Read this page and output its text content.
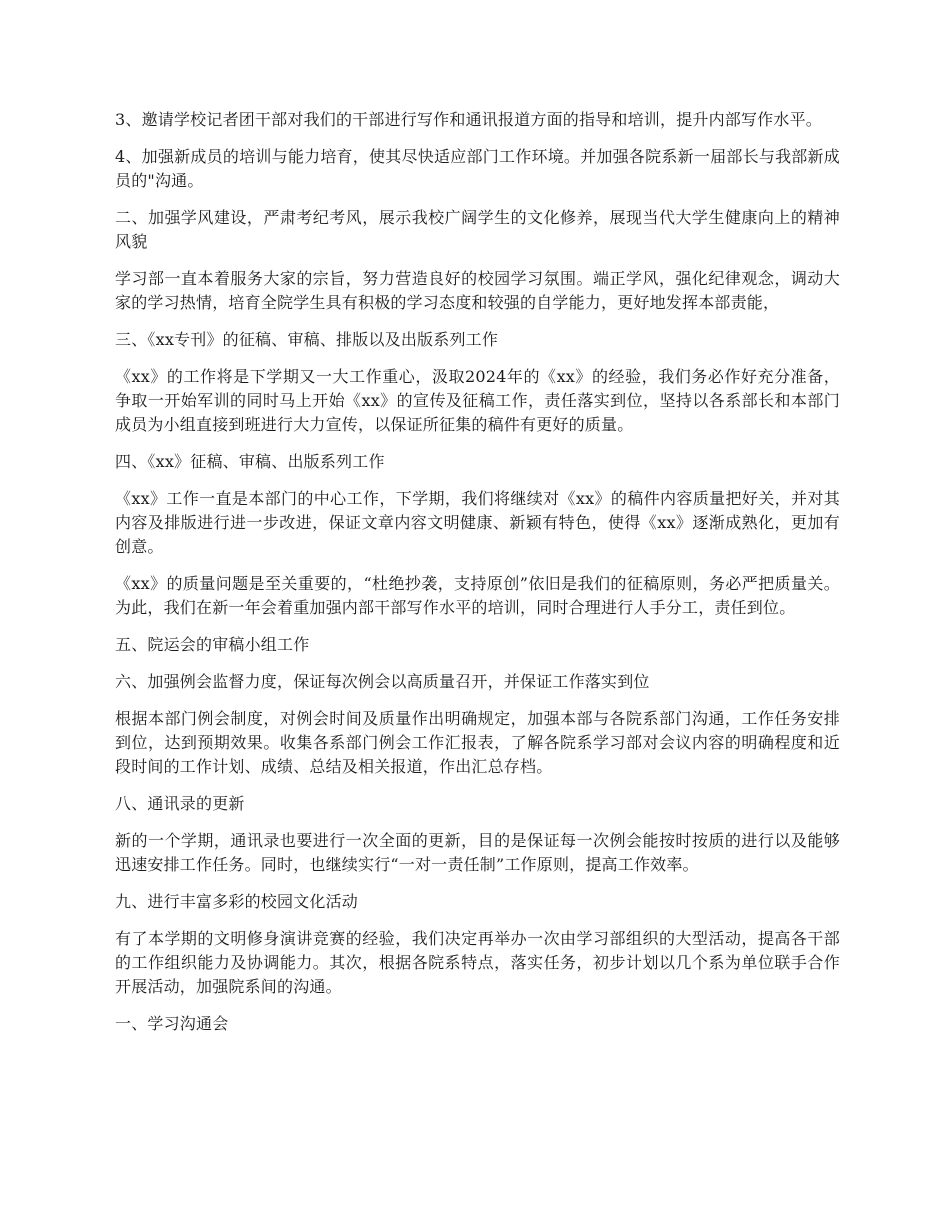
3、邀请学校记者团干部对我们的干部进行写作和通讯报道方面的指导和培训，提升内部写作水平。

4、加强新成员的培训与能力培育，使其尽快适应部门工作环境。并加强各院系新一届部长与我部新成员的"沟通。

二、加强学风建设，严肃考纪考风，展示我校广阔学生的文化修养，展现当代大学生健康向上的精神风貌

学习部一直本着服务大家的宗旨，努力营造良好的校园学习氛围。端正学风，强化纪律观念，调动大家的学习热情，培育全院学生具有积极的学习态度和较强的自学能力，更好地发挥本部责能，

三、《xx专刊》的征稿、审稿、排版以及出版系列工作

《xx》的工作将是下学期又一大工作重心，汲取2024年的《xx》的经验，我们务必作好充分准备，争取一开始军训的同时马上开始《xx》的宣传及征稿工作，责任落实到位，坚持以各系部长和本部门成员为小组直接到班进行大力宣传，以保证所征集的稿件有更好的质量。

四、《xx》征稿、审稿、出版系列工作

《xx》工作一直是本部门的中心工作，下学期，我们将继续对《xx》的稿件内容质量把好关，并对其内容及排版进行进一步改进，保证文章内容文明健康、新颖有特色，使得《xx》逐渐成熟化，更加有创意。

《xx》的质量问题是至关重要的，“杜绝抄袭，支持原创”依旧是我们的征稿原则，务必严把质量关。为此，我们在新一年会着重加强内部干部写作水平的培训，同时合理进行人手分工，责任到位。

五、院运会的审稿小组工作

六、加强例会监督力度，保证每次例会以高质量召开，并保证工作落实到位

根据本部门例会制度，对例会时间及质量作出明确规定，加强本部与各院系部门沟通，工作任务安排到位，达到预期效果。收集各系部门例会工作汇报表，了解各院系学习部对会议内容的明确程度和近段时间的工作计划、成绩、总结及相关报道，作出汇总存档。

八、通讯录的更新

新的一个学期，通讯录也要进行一次全面的更新，目的是保证每一次例会能按时按质的进行以及能够迅速安排工作任务。同时，也继续实行“一对一责任制”工作原则，提高工作效率。

九、进行丰富多彩的校园文化活动

有了本学期的文明修身演讲竞赛的经验，我们决定再举办一次由学习部组织的大型活动，提高各干部的工作组织能力及协调能力。其次，根据各院系特点，落实任务，初步计划以几个系为单位联手合作开展活动，加强院系间的沟通。

一、学习沟通会
